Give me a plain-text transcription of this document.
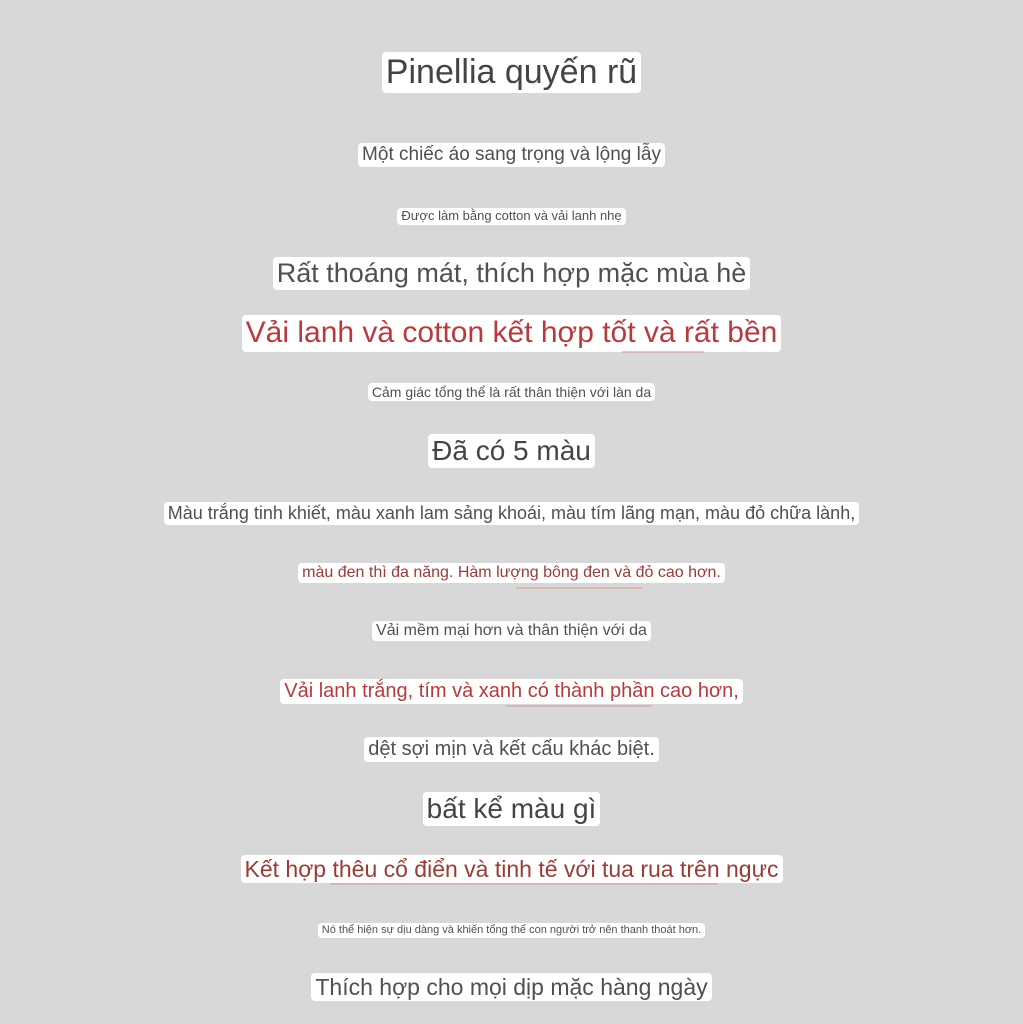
Pinellia quyến rũ
Một chiếc áo sang trọng và lộng lẫy
Được làm bằng cotton và vải lanh nhẹ
Rất thoáng mát, thích hợp mặc mùa hè
Vải lanh và cotton kết hợp tốt và rất bền
Cảm giác tổng thể là rất thân thiện với làn da
Đã có 5 màu
Màu trắng tinh khiết, màu xanh lam sảng khoái, màu tím lãng mạn, màu đỏ chữa lành,
màu đen thì đa năng. Hàm lượng bông đen và đỏ cao hơn.
Vải mềm mại hơn và thân thiện với da
Vải lanh trắng, tím và xanh có thành phần cao hơn,
dệt sợi mịn và kết cấu khác biệt.
bất kể màu gì
Kết hợp thêu cổ điển và tinh tế với tua rua trên ngực
Nó thể hiện sự dịu dàng và khiến tổng thể con người trở nên thanh thoát hơn.
Thích hợp cho mọi dịp mặc hàng ngày
